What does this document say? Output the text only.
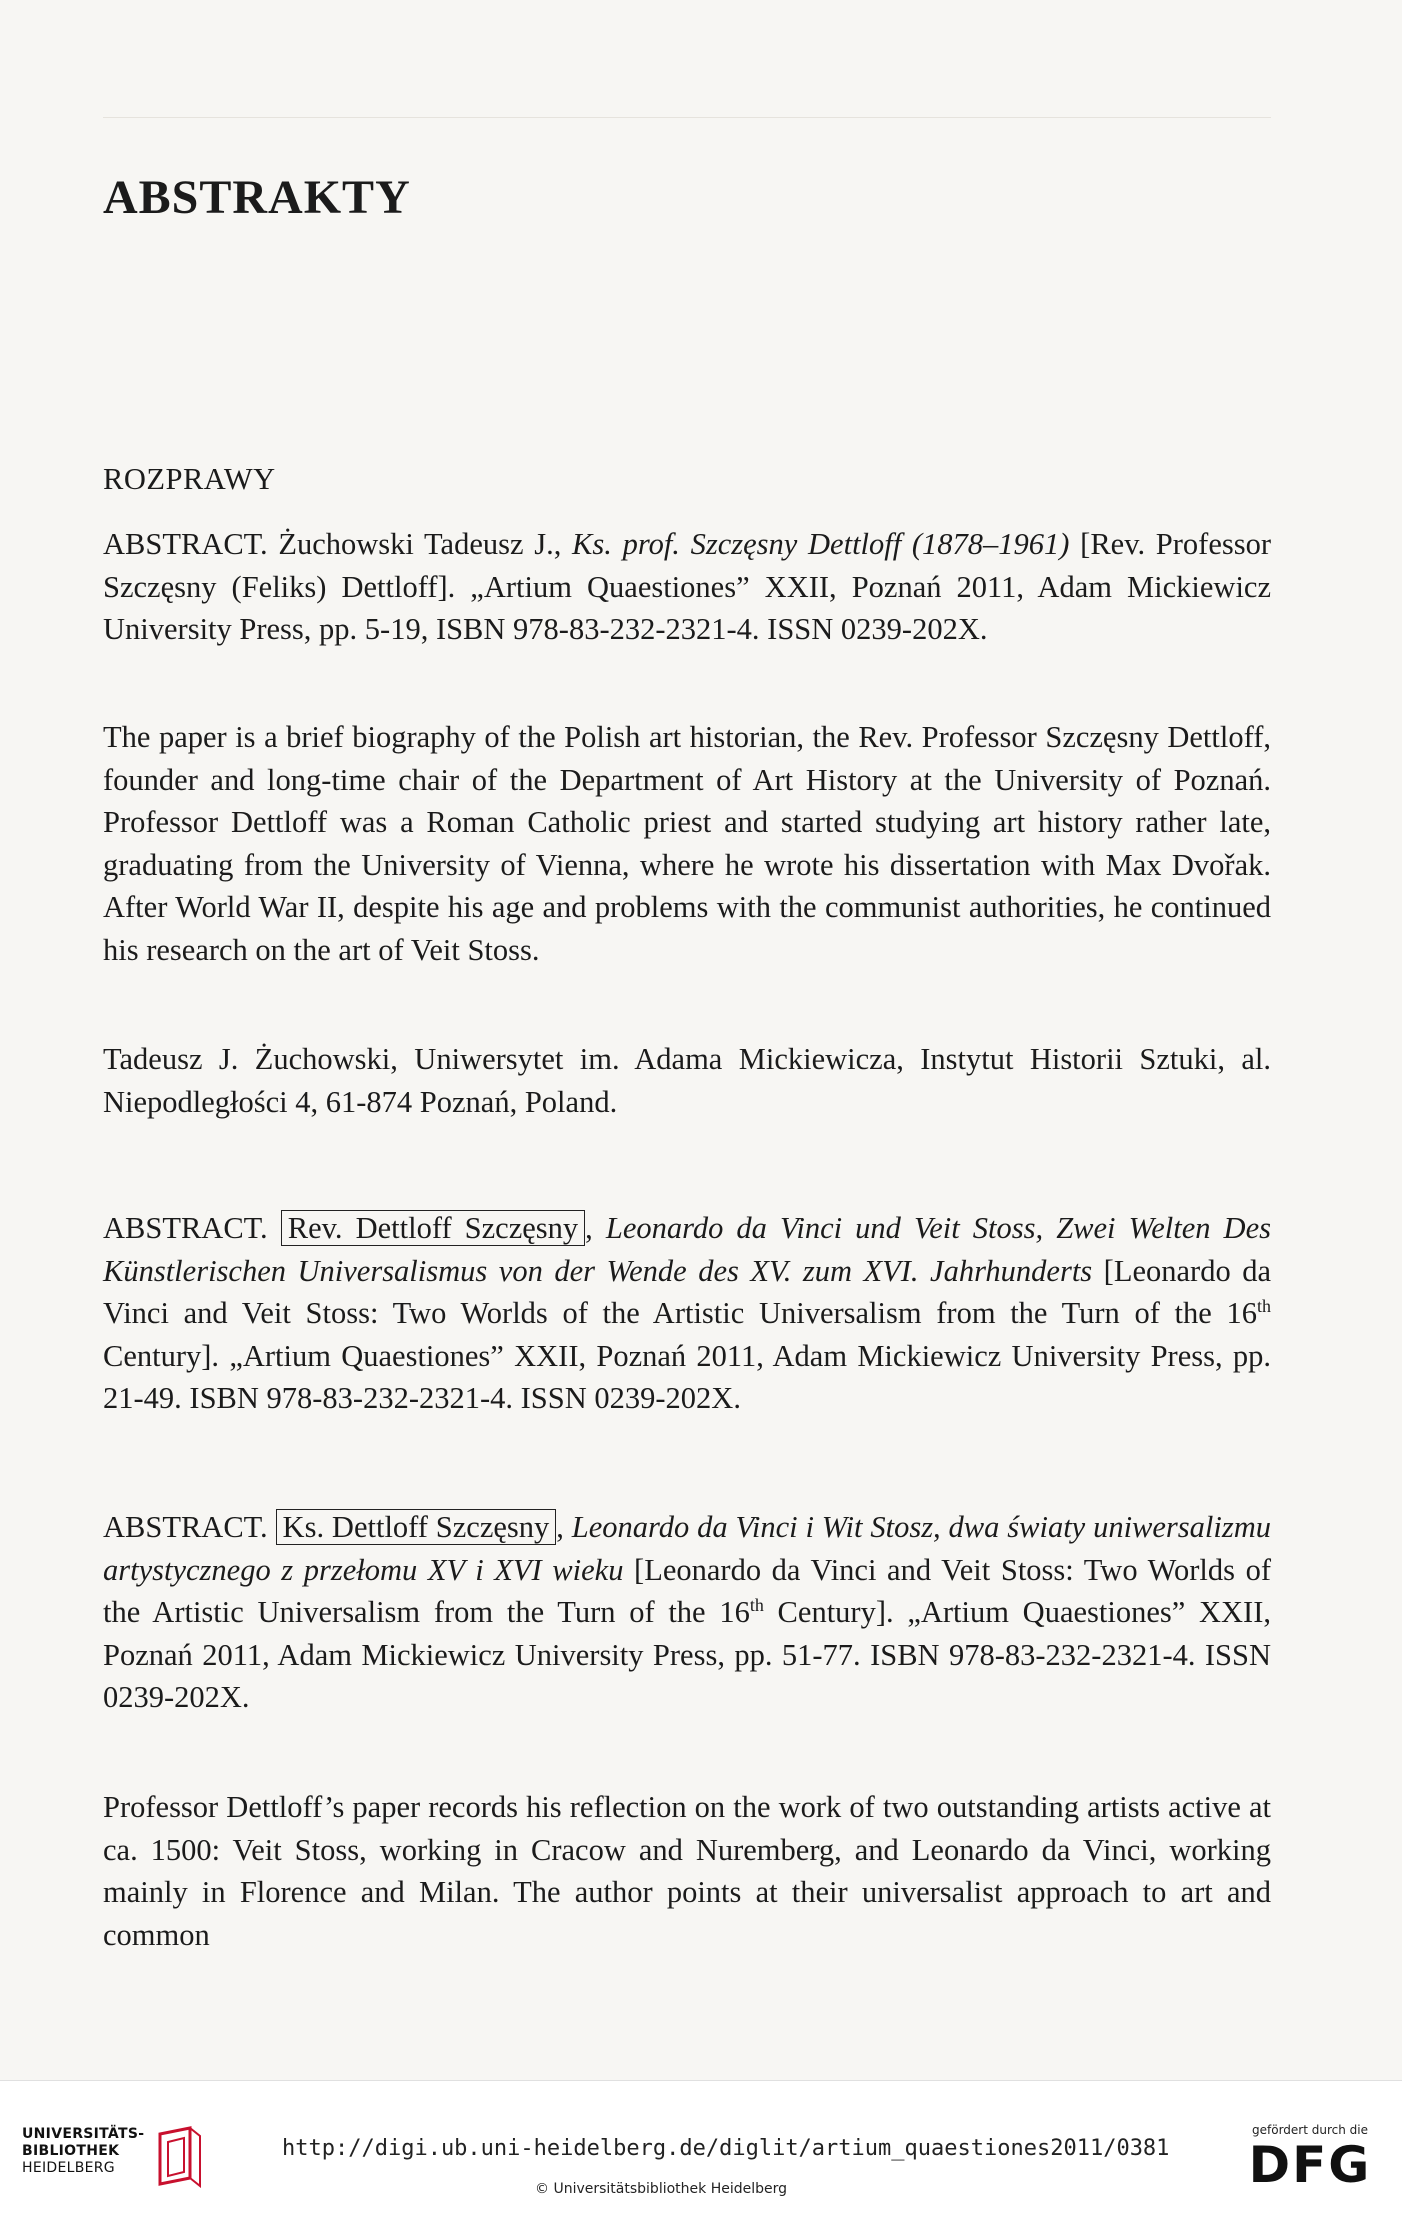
ABSTRAKTY
ROZPRAWY

ABSTRACT. Żuchowski Tadeusz J., Ks. prof. Szczęsny Dettloff (1878–1961) [Rev. Professor Szczęsny (Feliks) Dettloff]. „Artium Quaestiones” XXII, Poznań 2011, Adam Mickiewicz University Press, pp. 5-19, ISBN 978-83-232-2321-4. ISSN 0239-202X.

The paper is a brief biography of the Polish art historian, the Rev. Professor Szczęsny Dettloff, founder and long-time chair of the Department of Art History at the University of Poznań. Professor Dettloff was a Roman Catholic priest and started studying art history rather late, graduating from the University of Vienna, where he wrote his dissertation with Max Dvořak. After World War II, despite his age and problems with the communist authorities, he continued his research on the art of Veit Stoss.

Tadeusz J. Żuchowski, Uniwersytet im. Adama Mickiewicza, Instytut Historii Sztuki, al. Niepodległości 4, 61-874 Poznań, Poland.

ABSTRACT. Rev. Dettloff Szczęsny , Leonardo da Vinci und Veit Stoss, Zwei Welten Des Künstlerischen Universalismus von der Wende des XV. zum XVI. Jahrhunderts [Leonardo da Vinci and Veit Stoss: Two Worlds of the Artistic Universalism from the Turn of the 16th Century]. „Artium Quaestiones” XXII, Poznań 2011, Adam Mickiewicz University Press, pp. 21-49. ISBN 978-83-232-2321-4. ISSN 0239-202X.

ABSTRACT. Ks. Dettloff Szczęsny , Leonardo da Vinci i Wit Stosz, dwa światy uniwersalizmu artystycznego z przełomu XV i XVI wieku [Leonardo da Vinci and Veit Stoss: Two Worlds of the Artistic Universalism from the Turn of the 16th Century]. „Artium Quaestiones” XXII, Poznań 2011, Adam Mickiewicz University Press, pp. 51-77. ISBN 978-83-232-2321-4. ISSN 0239-202X.

Professor Dettloff’s paper records his reflection on the work of two outstanding artists active at ca. 1500: Veit Stoss, working in Cracow and Nuremberg, and Leonardo da Vinci, working mainly in Florence and Milan. The author points at their universalist approach to art and common

UNIVERSITÄTS-
BIBLIOTHEK
HEIDELBERG
http://digi.ub.uni-heidelberg.de/diglit/artium_quaestiones2011/0381
© Universitätsbibliothek Heidelberg
gefördert durch die
DFG
